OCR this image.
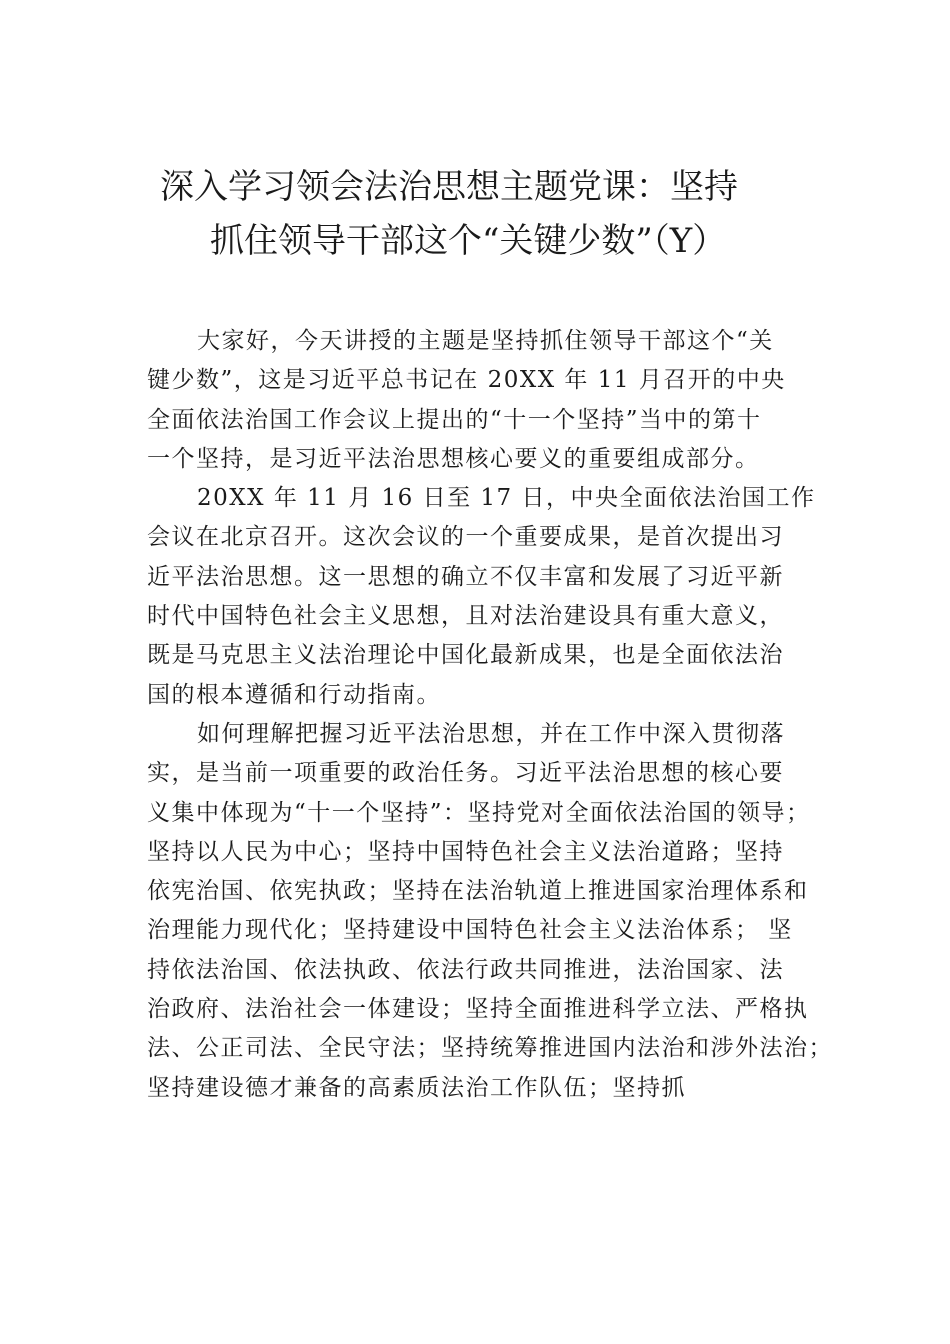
深入学习领会法治思想主题党课：坚持
抓住领导干部这个“关键少数”（Y）

大家好，今天讲授的主题是坚持抓住领导干部这个“关
键少数”，这是习近平总书记在 20XX 年 11 月召开的中央
全面依法治国工作会议上提出的“十一个坚持”当中的第十
一个坚持，是习近平法治思想核心要义的重要组成部分。

20XX 年 11 月 16 日至 17 日，中央全面依法治国工作
会议在北京召开。这次会议的一个重要成果，是首次提出习
近平法治思想。这一思想的确立不仅丰富和发展了习近平新
时代中国特色社会主义思想，且对法治建设具有重大意义，
既是马克思主义法治理论中国化最新成果，也是全面依法治
国的根本遵循和行动指南。

如何理解把握习近平法治思想，并在工作中深入贯彻落
实，是当前一项重要的政治任务。习近平法治思想的核心要
义集中体现为“十一个坚持”：坚持党对全面依法治国的领导；
坚持以人民为中心；坚持中国特色社会主义法治道路；坚持
依宪治国、依宪执政；坚持在法治轨道上推进国家治理体系和
治理能力现代化；坚持建设中国特色社会主义法治体系； 坚
持依法治国、依法执政、依法行政共同推进，法治国家、法
治政府、法治社会一体建设；坚持全面推进科学立法、严格执
法、公正司法、全民守法；坚持统筹推进国内法治和涉外法治；
坚持建设德才兼备的高素质法治工作队伍；坚持抓
